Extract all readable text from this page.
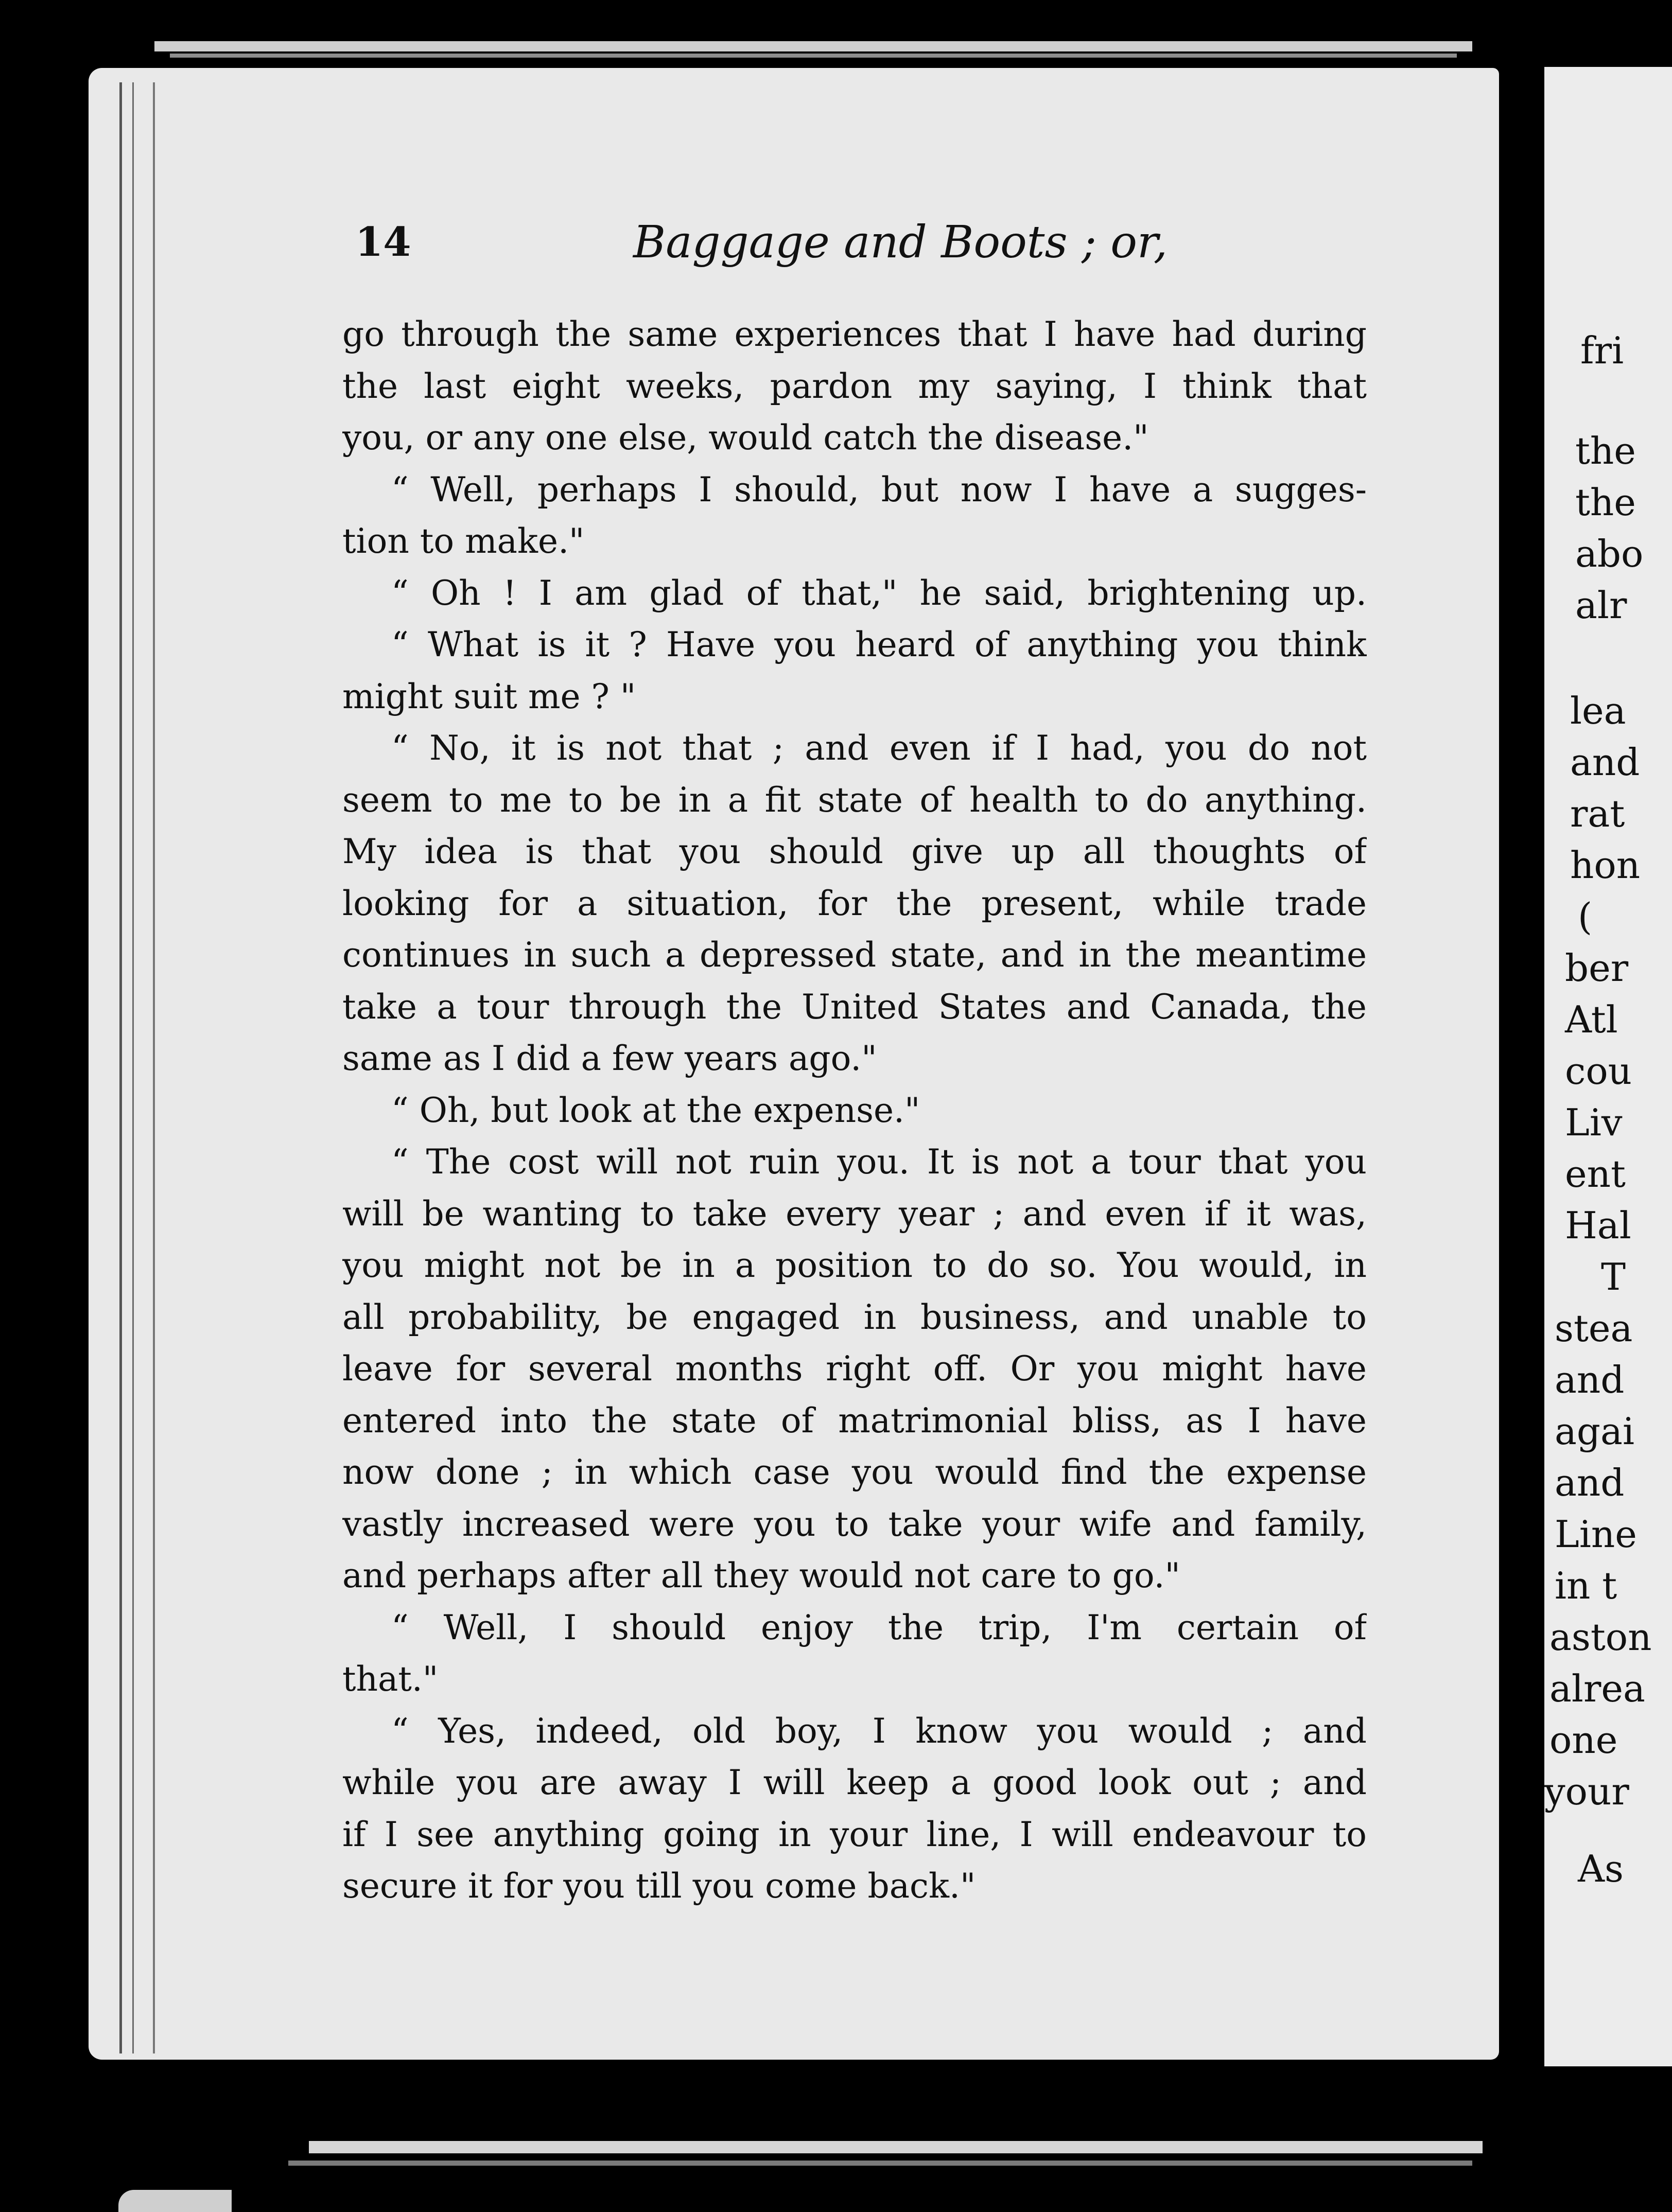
14	Baggage and Boots ; or,
go through the same experiences that I have had during
the last eight weeks, pardon my saying, I think that
you, or any one else, would catch the disease."
“ Well, perhaps I should, but now I have a sugges-
tion to make."
“ Oh ! I am glad of that," he said, brightening up.
“ What is it ? Have you heard of anything you think
might suit me ? "
“ No, it is not that ; and even if I had, you do not
seem to me to be in a fit state of health to do anything.
My idea is that you should give up all thoughts of
looking for a situation, for the present, while trade
continues in such a depressed state, and in the meantime
take a tour through the United States and Canada, the
same as I did a few years ago."
“ Oh, but look at the expense."
“ The cost will not ruin you. It is not a tour that you
will be wanting to take every year ; and even if it was,
you might not be in a position to do so. You would, in
all probability, be engaged in business, and unable to
leave for several months right off. Or you might have
entered into the state of matrimonial bliss, as I have
now done ; in which case you would find the expense
vastly increased were you to take your wife and family,
and perhaps after all they would not care to go."
“ Well, I should enjoy the trip, I'm certain of
that."
“ Yes, indeed, old boy, I know you would ; and
while you are away I will keep a good look out ; and
if I see anything going in your line, I will endeavour to
secure it for you till you come back."
fri
the
the
abo
alr
lea
and
rat
hon
(
ber
Atl
cou
Liv
ent
Hal
T
stea
and
agai
and
Line
in t
aston
alrea
one
your
As
